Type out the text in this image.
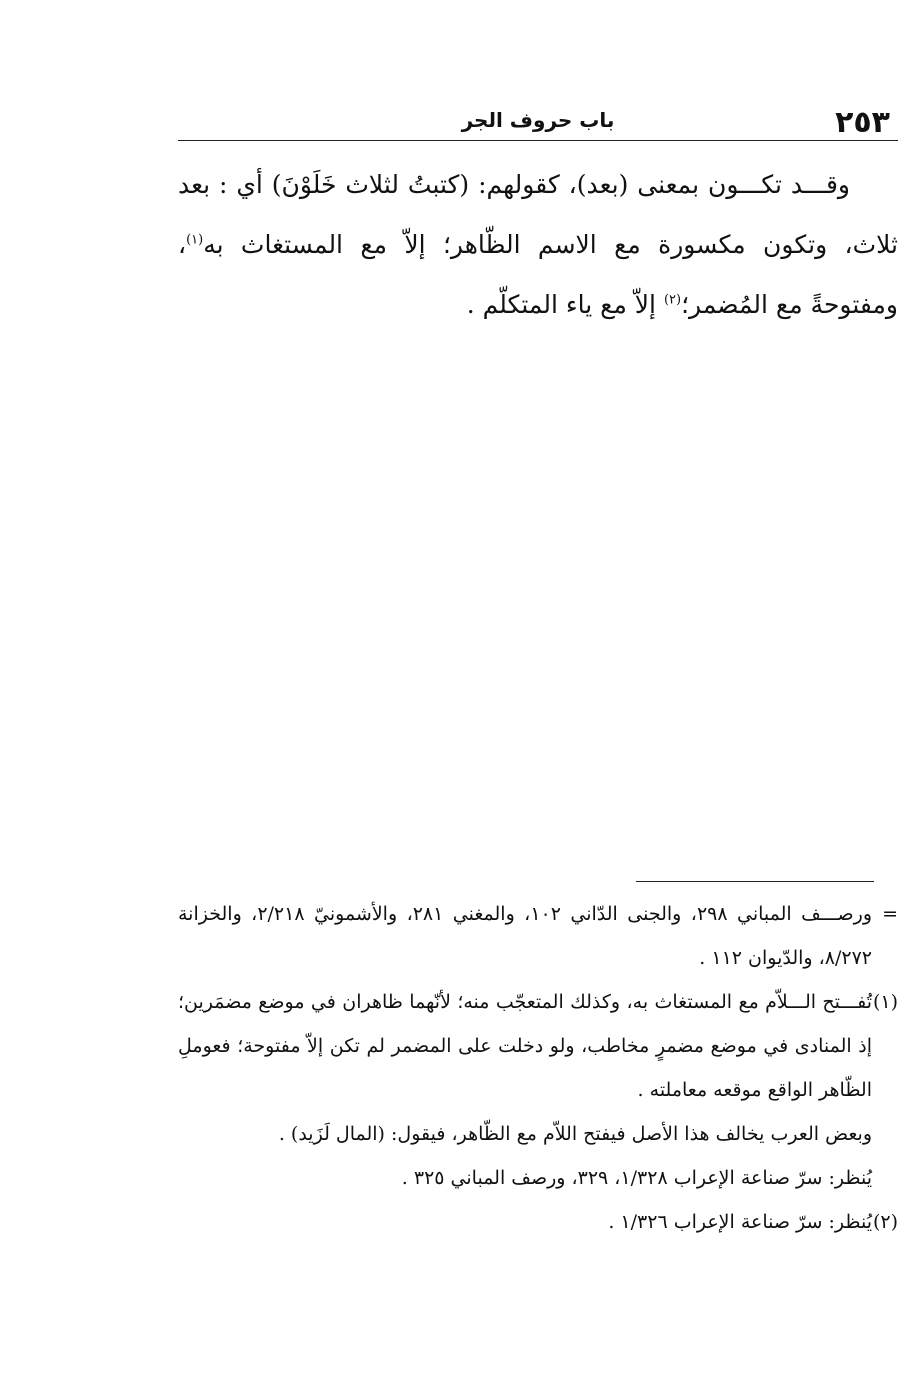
٢٥٣
باب حروف الجر

وقـــد تكـــون بمعنى (بعد)، كقولهم: (كتبتُ لثلاث خَلَوْنَ) أي : بعد ثلاث، وتكون مكسورة مع الاسم الظّاهر؛ إلاّ مع المستغاث به$^{(١)}$، ومفتوحةً مع المُضمر؛$^{(٢)}$ إلاّ مع ياء المتكلّم .

=
ورصـــف المباني ٢٩٨، والجنى الدّاني ١٠٢، والمغني ٢٨١، والأشمونيّ ٢/٢١٨، والخزانة ٨/٢٧٢، والدّيوان ١١٢ .

(١)
تُفـــتح الـــلاّم مع المستغاث به، وكذلك المتعجّب منه؛ لأنّهما ظاهران في موضع مضمَرين؛ إذ المنادى في موضع مضمرٍ مخاطب، ولو دخلت على المضمر لم تكن إلاّ مفتوحة؛ فعوملِ الظّاهر الواقع موقعه معاملته .

وبعض العرب يخالف هذا الأصل فيفتح اللاّم مع الظّاهر، فيقول: (المال لَزَيد) .

يُنظر: سرّ صناعة الإعراب ١/٣٢٨، ٣٢٩، ورصف المباني ٣٢٥ .

(٢)
يُنظر: سرّ صناعة الإعراب ١/٣٢٦ .
